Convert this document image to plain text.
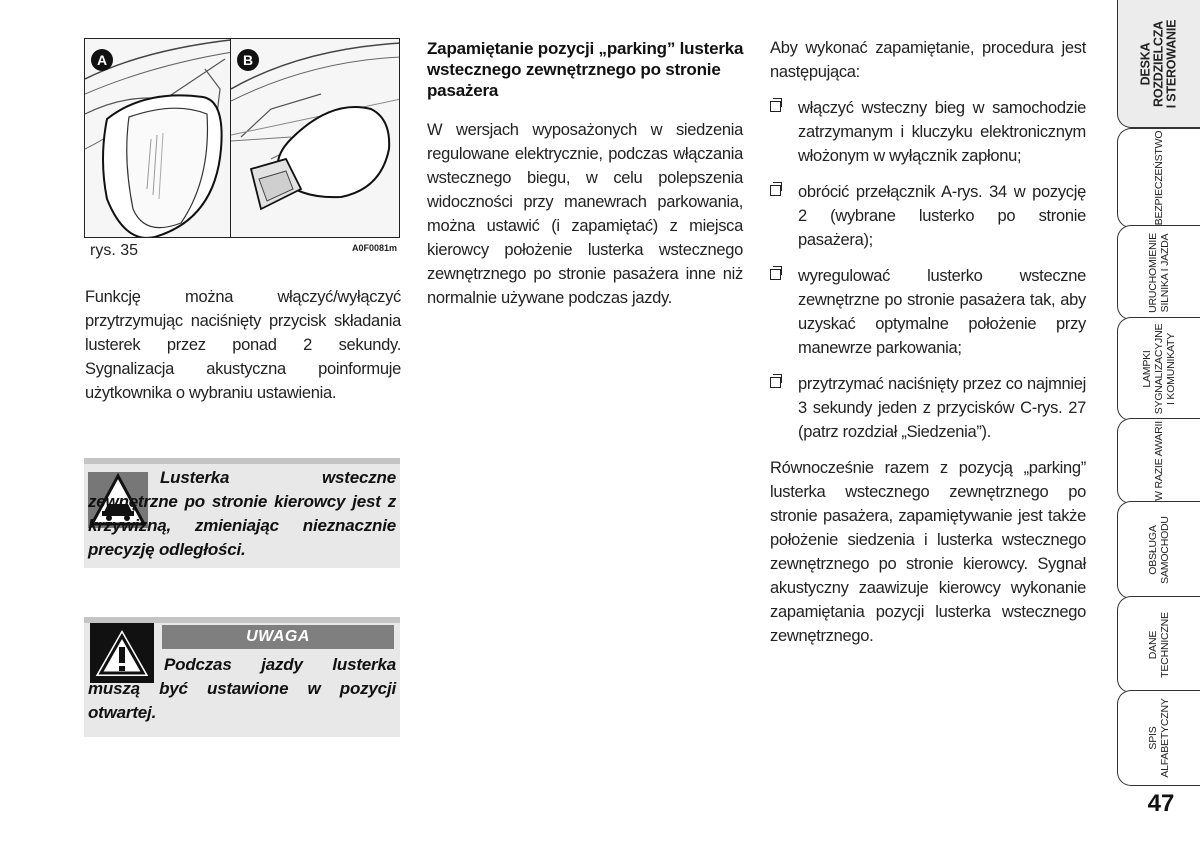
A	B
rys. 35	A0F0081m
Funkcję można włączyć/wyłączyć przytrzymując naciśnięty przycisk składania lusterek przez ponad 2 sekundy. Sygnalizacja akustyczna poinformuje użytkownika o wybraniu ustawienia.
Lusterka wsteczne zewnętrzne po stronie kierowcy jest z krzywizną, zmieniając nieznacznie precyzję odległości.
UWAGA
Podczas jazdy lusterka muszą być ustawione w pozycji otwartej.
Zapamiętanie pozycji „parking” lusterka wstecznego zewnętrznego po stronie pasażera
W wersjach wyposażonych w siedzenia regulowane elektrycznie, podczas włączania wstecznego biegu, w celu polepszenia widoczności przy manewrach parkowania, można ustawić (i zapamiętać) z miejsca kierowcy położenie lusterka wstecznego zewnętrznego po stronie pasażera inne niż normalnie używane podczas jazdy.
Aby wykonać zapamiętanie, procedura jest następująca:
włączyć wsteczny bieg w samochodzie zatrzymanym i kluczyku elektronicznym włożonym w wyłącznik zapłonu;
obrócić przełącznik A-rys. 34 w pozycję 2 (wybrane lusterko po stronie pasażera);
wyregulować lusterko wsteczne zewnętrzne po stronie pasażera tak, aby uzyskać optymalne położenie przy manewrze parkowania;
przytrzymać naciśnięty przez co najmniej 3 sekundy jeden z przycisków C-rys. 27 (patrz rozdział „Siedzenia”).
Równocześnie razem z pozycją „parking” lusterka wstecznego zewnętrznego po stronie pasażera, zapamiętywanie jest także położenie siedzenia i lusterka wstecznego zewnętrznego po stronie kierowcy. Sygnał akustyczny zaawizuje kierowcy wykonanie zapamiętania pozycji lusterka wstecznego zewnętrznego.
DESKA
ROZDZIELCZA
I STEROWANIE
BEZPIECZEŃSTWO
URUCHOMIENIE
SILNIKA I JAZDA
LAMPKI
SYGNALIZACYJNE
I KOMUNIKATY
W RAZIE AWARII
OBSŁUGA
SAMOCHODU
DANE
TECHNICZNE
SPIS
ALFABETYCZNY
47
